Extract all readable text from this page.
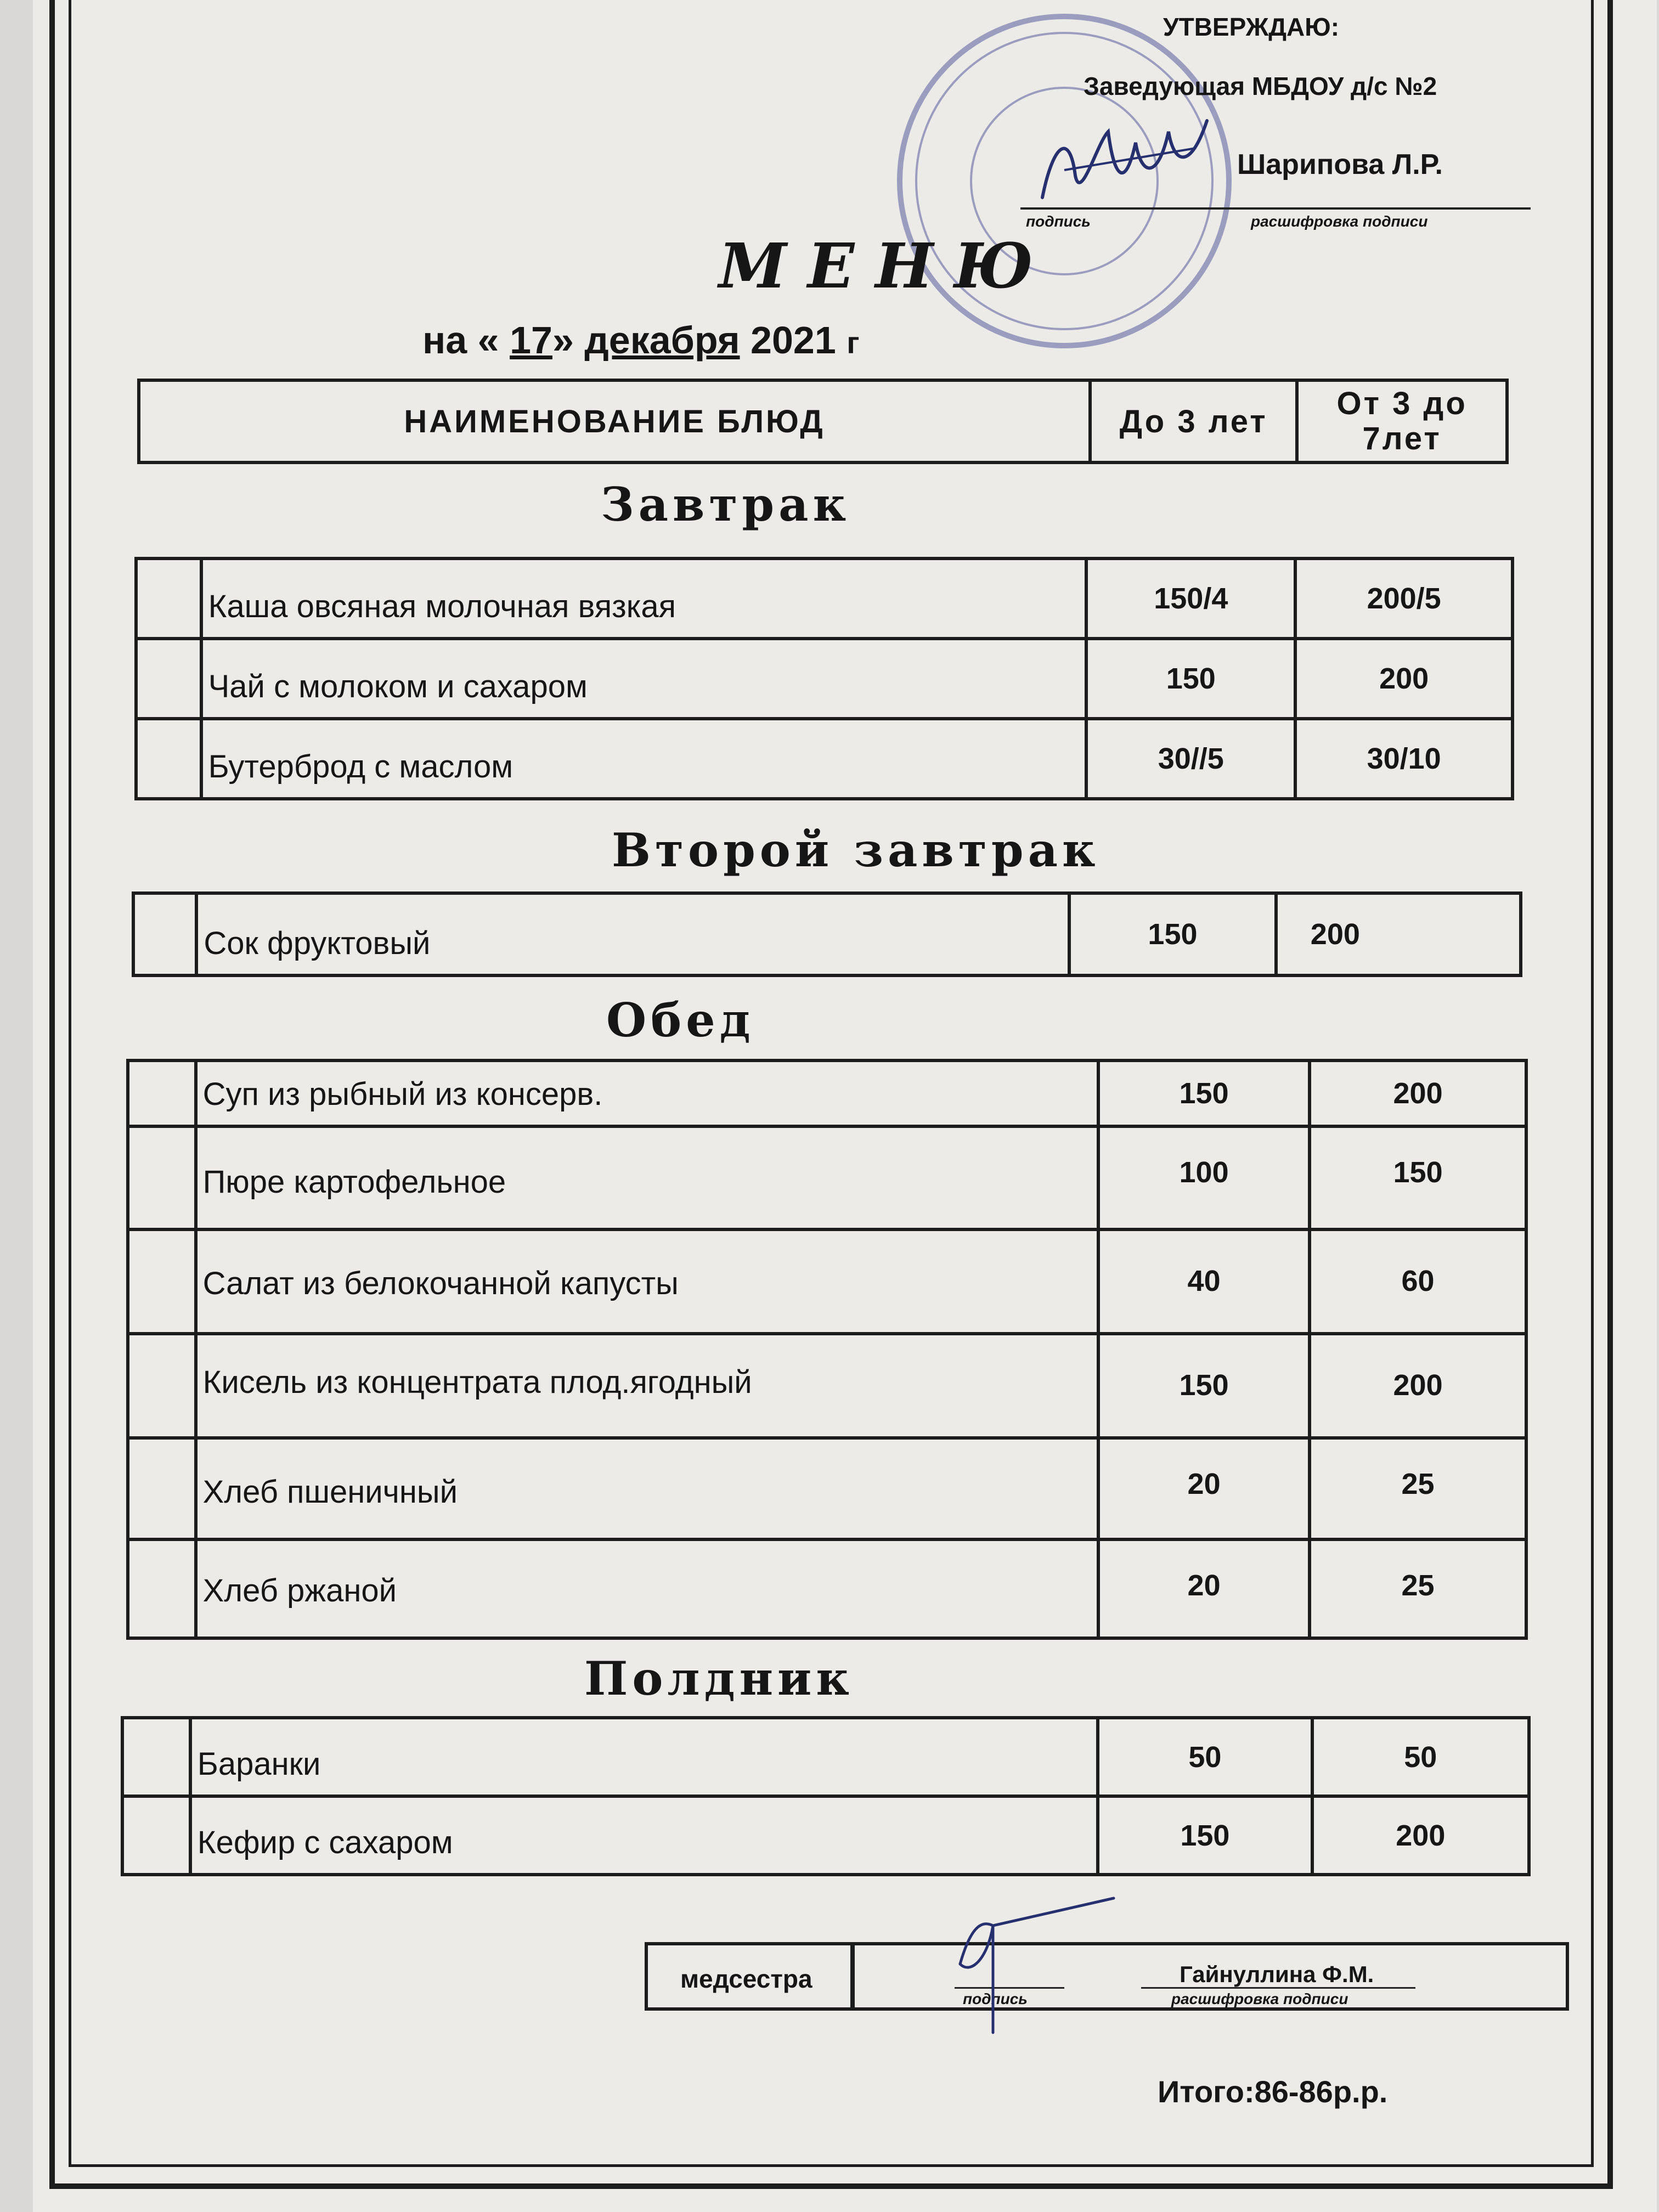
УТВЕРЖДАЮ:
Заведующая МБДОУ д/с №2
Шарипова Л.Р.
подпись	расшифровка подписи
МЕНЮ
на « 17» декабря 2021 г
НАИМЕНОВАНИЕ БЛЮД	До 3 лет	От 3 до
7лет
Завтрак
	Каша овсяная молочная вязкая	150/4	200/5
	Чай с молоком и сахаром	150	200
	Бутерброд с маслом	30//5	30/10
Второй завтрак
	Сок фруктовый	150	200
Обед
	Суп из рыбный из консерв.	150	200
	Пюре картофельное	100	150
	Салат из белокочанной капусты	40	60
	Кисель из концентрата плод.ягодный	150	200
	Хлеб пшеничный	20	25
	Хлеб ржаной	20	25
Полдник
	Баранки	50	50
	Кефир с сахаром	150	200
медсестра	Гайнуллина Ф.М.
подпись	расшифровка подписи
Итого:86-86р.р.
